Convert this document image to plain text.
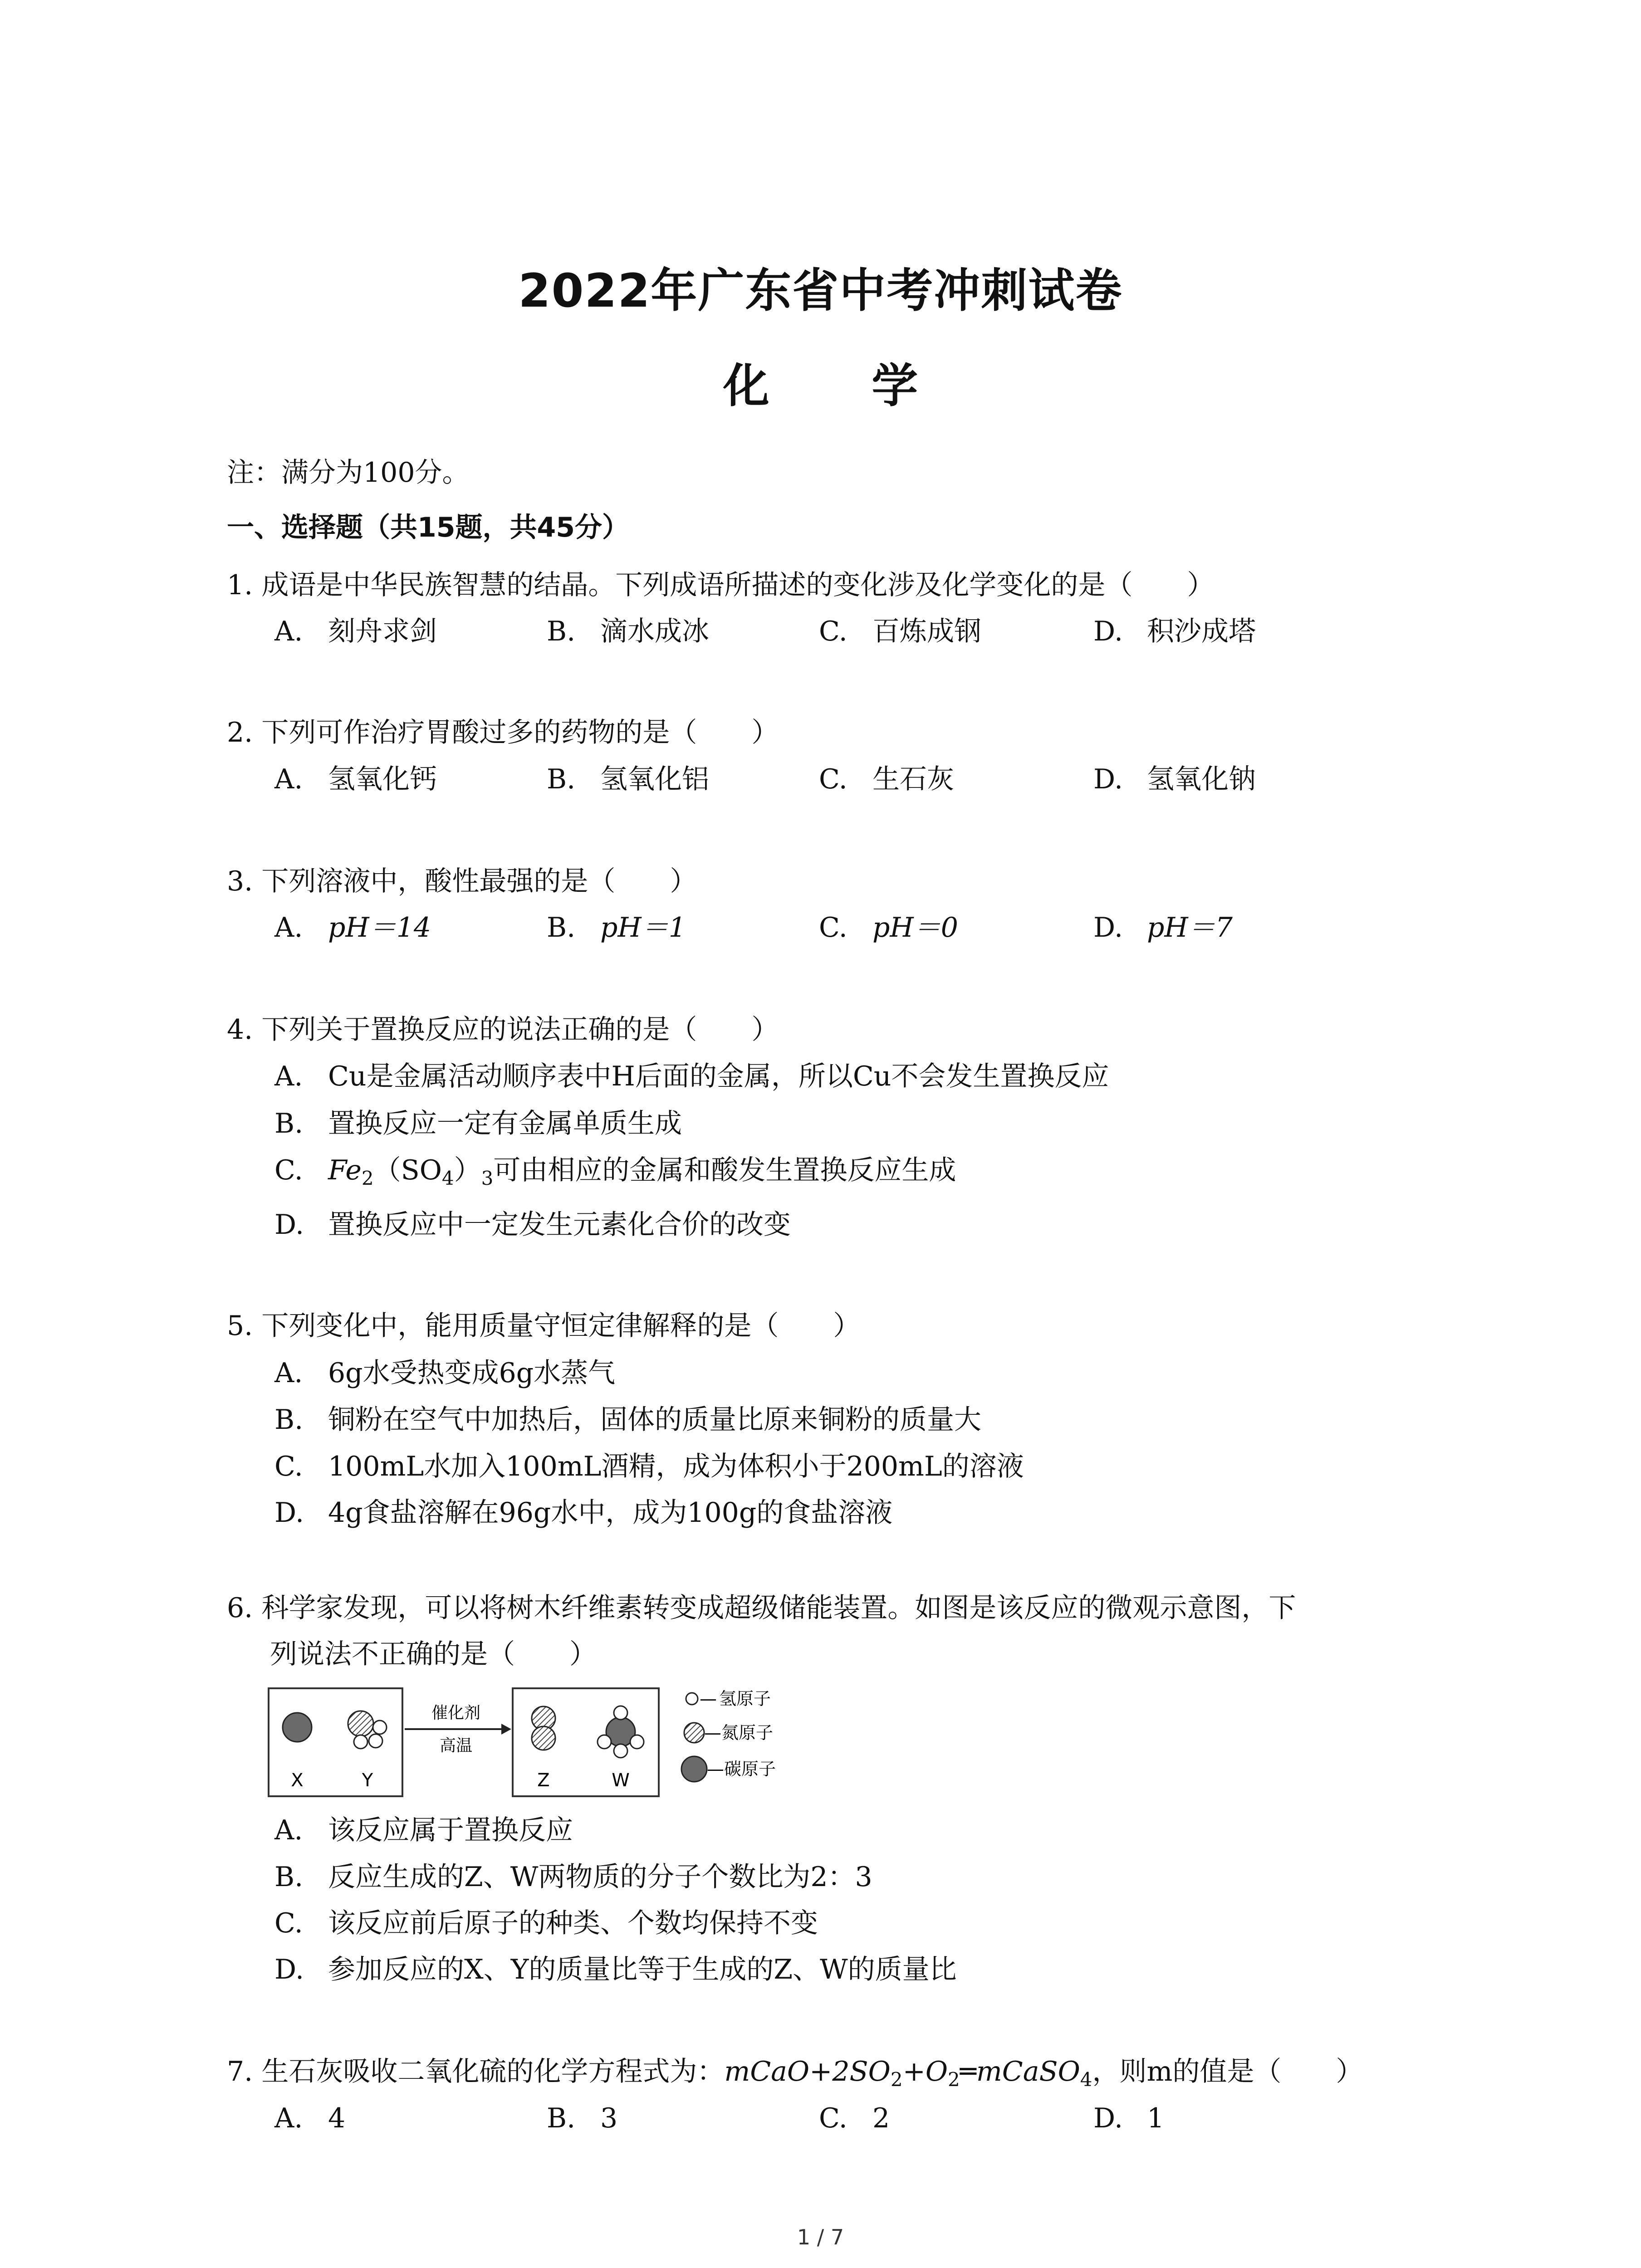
2022年广东省中考冲刺试卷
化 学
注：满分为100分。
一、选择题（共15题，共45分）
1. 成语是中华民族智慧的结晶。下列成语所描述的变化涉及化学变化的是（　　）
A. 刻舟求剑	B. 滴水成冰	C. 百炼成钢	D. 积沙成塔
2. 下列可作治疗胃酸过多的药物的是（　　）
A. 氢氧化钙	B. 氢氧化铝	C. 生石灰	D. 氢氧化钠
3. 下列溶液中，酸性最强的是（　　）
A. pH＝14	B. pH＝1	C. pH＝0	D. pH＝7
4. 下列关于置换反应的说法正确的是（　　）
A. Cu是金属活动顺序表中H后面的金属，所以Cu不会发生置换反应
B. 置换反应一定有金属单质生成
C. $Fe_2(SO_4)_3$可由相应的金属和酸发生置换反应生成
D. 置换反应中一定发生元素化合价的改变
5. 下列变化中，能用质量守恒定律解释的是（　　）
A. 6g水受热变成6g水蒸气
B. 铜粉在空气中加热后，固体的质量比原来铜粉的质量大
C. 100mL水加入100mL酒精，成为体积小于200mL的溶液
D. 4g食盐溶解在96g水中，成为100g的食盐溶液
6. 科学家发现，可以将树木纤维素转变成超级储能装置。如图是该反应的微观示意图，下
列说法不正确的是（　　）
X	Y
催化剂
高温
Z	W
— 氢原子
— 氮原子
— 碳原子
A. 该反应属于置换反应
B. 反应生成的Z、W两物质的分子个数比为2：3
C. 该反应前后原子的种类、个数均保持不变
D. 参加反应的X、Y的质量比等于生成的Z、W的质量比
7. 生石灰吸收二氧化硫的化学方程式为：$mCaO+2SO_2+O_2═mCaSO_4$，则m的值是（　　）
A. 4	B. 3	C. 2	D. 1
1 / 7
